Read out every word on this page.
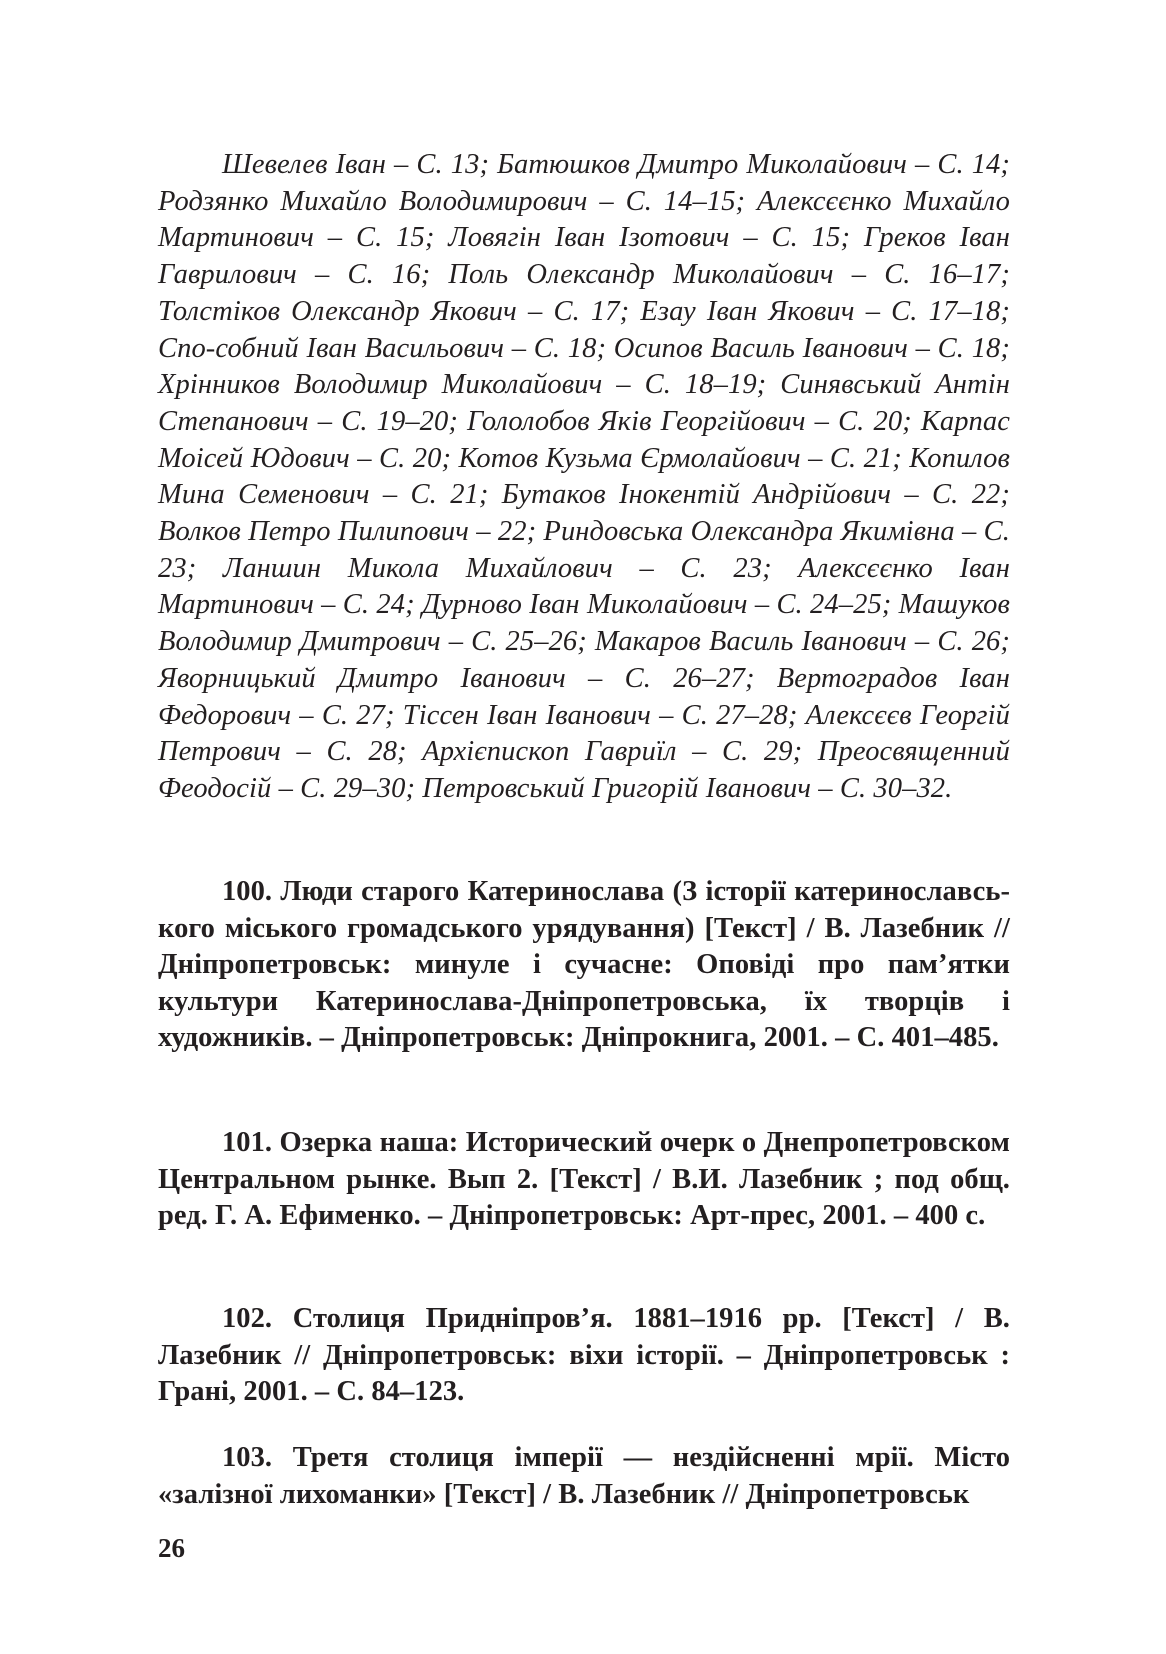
Шевелев Іван – С. 13; Батюшков Дмитро Миколайович – С. 14; Родзянко Михайло Володимирович – С. 14–15; Алексєєнко Михайло Мартинович – С. 15; Ловягін Іван Ізотович – С. 15; Греков Іван Гаврилович – С. 16; Поль Олександр Миколайович – С. 16–17; Толстіков Олександр Якович – С. 17; Езау Іван Якович – С. 17–18; Спо-собний Іван Васильович – С. 18; Осипов Василь Іванович – С. 18; Хрінников Володимир Миколайович – С. 18–19; Синявський Антін Степанович – С. 19–20; Гололобов Яків Георгійович – С. 20; Карпас Моісей Юдович – С. 20; Котов Кузьма Єрмолайович – С. 21; Копилов Мина Семенович – С. 21; Бутаков Інокентій Андрійович – С. 22; Волков Петро Пилипович – 22; Риндовська Олександра Якимівна – С. 23; Ланшин Микола Михайлович – С. 23; Алексєєнко Іван Мартинович – С. 24; Дурново Іван Миколайович – С. 24–25; Машуков Володимир Дмитрович – С. 25–26; Макаров Василь Іванович – С. 26; Яворницький Дмитро Іванович – С. 26–27; Вертоградов Іван Федорович – С. 27; Тіссен Іван Іванович – С. 27–28; Алексєєв Георгій Петрович – С. 28; Архієпископ Гавриїл – С. 29; Преосвященний Феодосій – С. 29–30; Петровський Григорій Іванович – С. 30–32.

100. Люди старого Катеринослава (З історії катеринославсь-кого міського громадського урядування) [Текст] / В. Лазебник // Дніпропетровськ: минуле і сучасне: Оповіді про пам’ятки культури Катеринослава-Дніпропетровська, їх творців і художників. – Дніпропетровськ: Дніпрокнига, 2001. – С. 401–485.

101. Озерка наша: Исторический очерк о Днепропетровском Центральном рынке. Вып 2. [Текст] / В.И. Лазебник ; под общ. ред. Г. А. Ефименко. – Дніпропетровськ: Арт-прес, 2001. – 400 с.

102. Столиця Придніпров’я. 1881–1916 рр. [Текст] / В. Лазебник // Дніпропетровськ: віхи історії. – Дніпропетровськ : Грані, 2001. – С. 84–123.

103. Третя столиця імперії — нездійсненні мрії. Місто «залізної лихоманки» [Текст] / В. Лазебник // Дніпропетровськ

26
